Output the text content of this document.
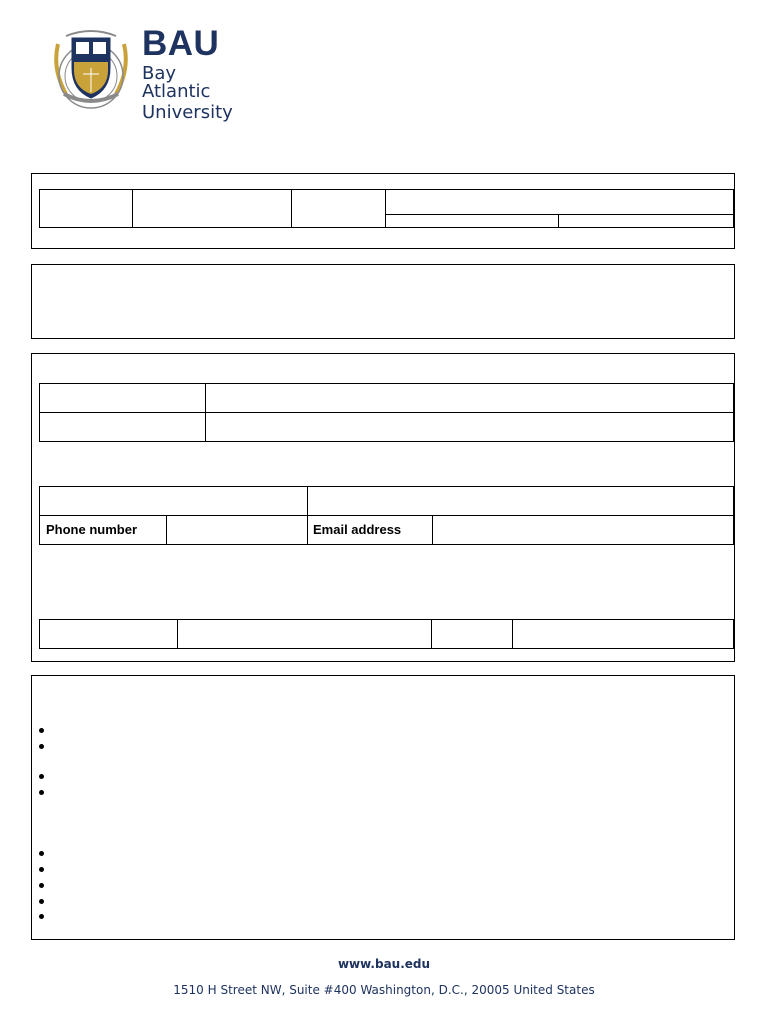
BAU
Bay Atlantic
University
Phone number	Email address
www.bau.edu
1510 H Street NW, Suite #400 Washington, D.C., 20005 United States
